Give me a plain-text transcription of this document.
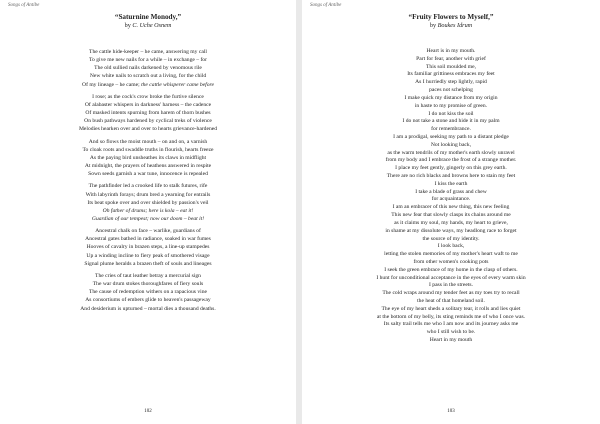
Songs of Antibe
“Saturnine Monody,”
by C. Uche Osnem
The cattle hide-keeper – he came, answering my call
To give me new nails for a while – in exchange – for
The old sullied nails darkened by venomous rile
New white nails to scratch out a living, for the child
Of my lineage – he came; the cattle whisperer came before
I rose; as the cock's crow broke the furtive silence
Of alabaster whispers in darkness' harness – the cadence
Of masked intents spurning from harem of thorn bushes
On bush pathways hardened by cyclical treks of violence
Melodies hearken over and over to hearts grievance-hardened
And so flows the moist mouth – on and on, a varnish
To cloak roots and swaddle truths in flourish, hearts freeze
As the paying bird unsheathes its claws in midflight
At midnight, the prayers of heathens answered in respite
Sown seeds garnish a war tune, innocence is repealed
The pathfinder led a crooked life to stalk futures, rife
With labyrinth forays; drum bred a yearning for entrails
Its beat spoke over and over shielded by passion's veil
Oh father of drums; here is kola – eat it!
Guardian of our tempest; now our doom – beat it!
Ancestral chalk on face – warlike, guardians of
Ancestral gates bathed in radiance, soaked in war fumes
Hooves of cavalry in brazen steps, a line-up stampedes
Up a winding incline to fiery peak of smothered visage
Signal plume heralds a brazen theft of souls and lineages
The cries of taut leather betray a mercurial sign
The war drum stokes thoroughfares of fiery souls
The cause of redemption withers on a rapacious vine
As consortiums of embers glide to heaven's passageway
And desiderium is upturned – mortal dies a thousand deaths.
102
Songs of Antibe
“Fruity Flowers to Myself,”
by Boukes Idrum
Heart is in my mouth.
Part for fear, another with grief
This soil moulded me,
Its familiar grittiness embraces my feet
As I hurriedly step lightly, rapid
paces not schelping
I make quick my distance from my origin
in haste to my promise of green.
I do not kiss the soil
I do not take a stone and hide it in my palm
for remembrance.
I am a prodigal, seeking my path to a distant pledge
Not looking back,
as the warm tendrils of my mother's earth slowly unravel
from my body and I embrace the frost of a strange mother.
I place my feet gently, gingerly on this grey earth.
There are no rich blacks and browns here to stain my feet
I kiss the earth
I take a blade of grass and chew
for acquaintance.
I am an embracer of this new thing, this new feeling
This new fear that slowly clasps its chains around me
as it claims my soul, my hands, my heart to grieve,
in shame at my dissolute ways, my headlong race to forget
the source of my identity.
I look back,
letting the stolen memories of my mother's heart waft to me
from other women's cooking pots
I seek the green embrace of my home in the clasp of others.
I hunt for unconditional acceptance in the eyes of every warm skin
I pass in the streets.
The cold wraps around my tender feet as my toes try to recall
the heat of that homeland soil.
The eye of my heart sheds a solitary tear, it rolls and lies quiet
at the bottom of my belly, its sting reminds me of who I once was.
Its salty trail tells me who I am now and its journey asks me
who I still wish to be.
Heart in my mouth
103
